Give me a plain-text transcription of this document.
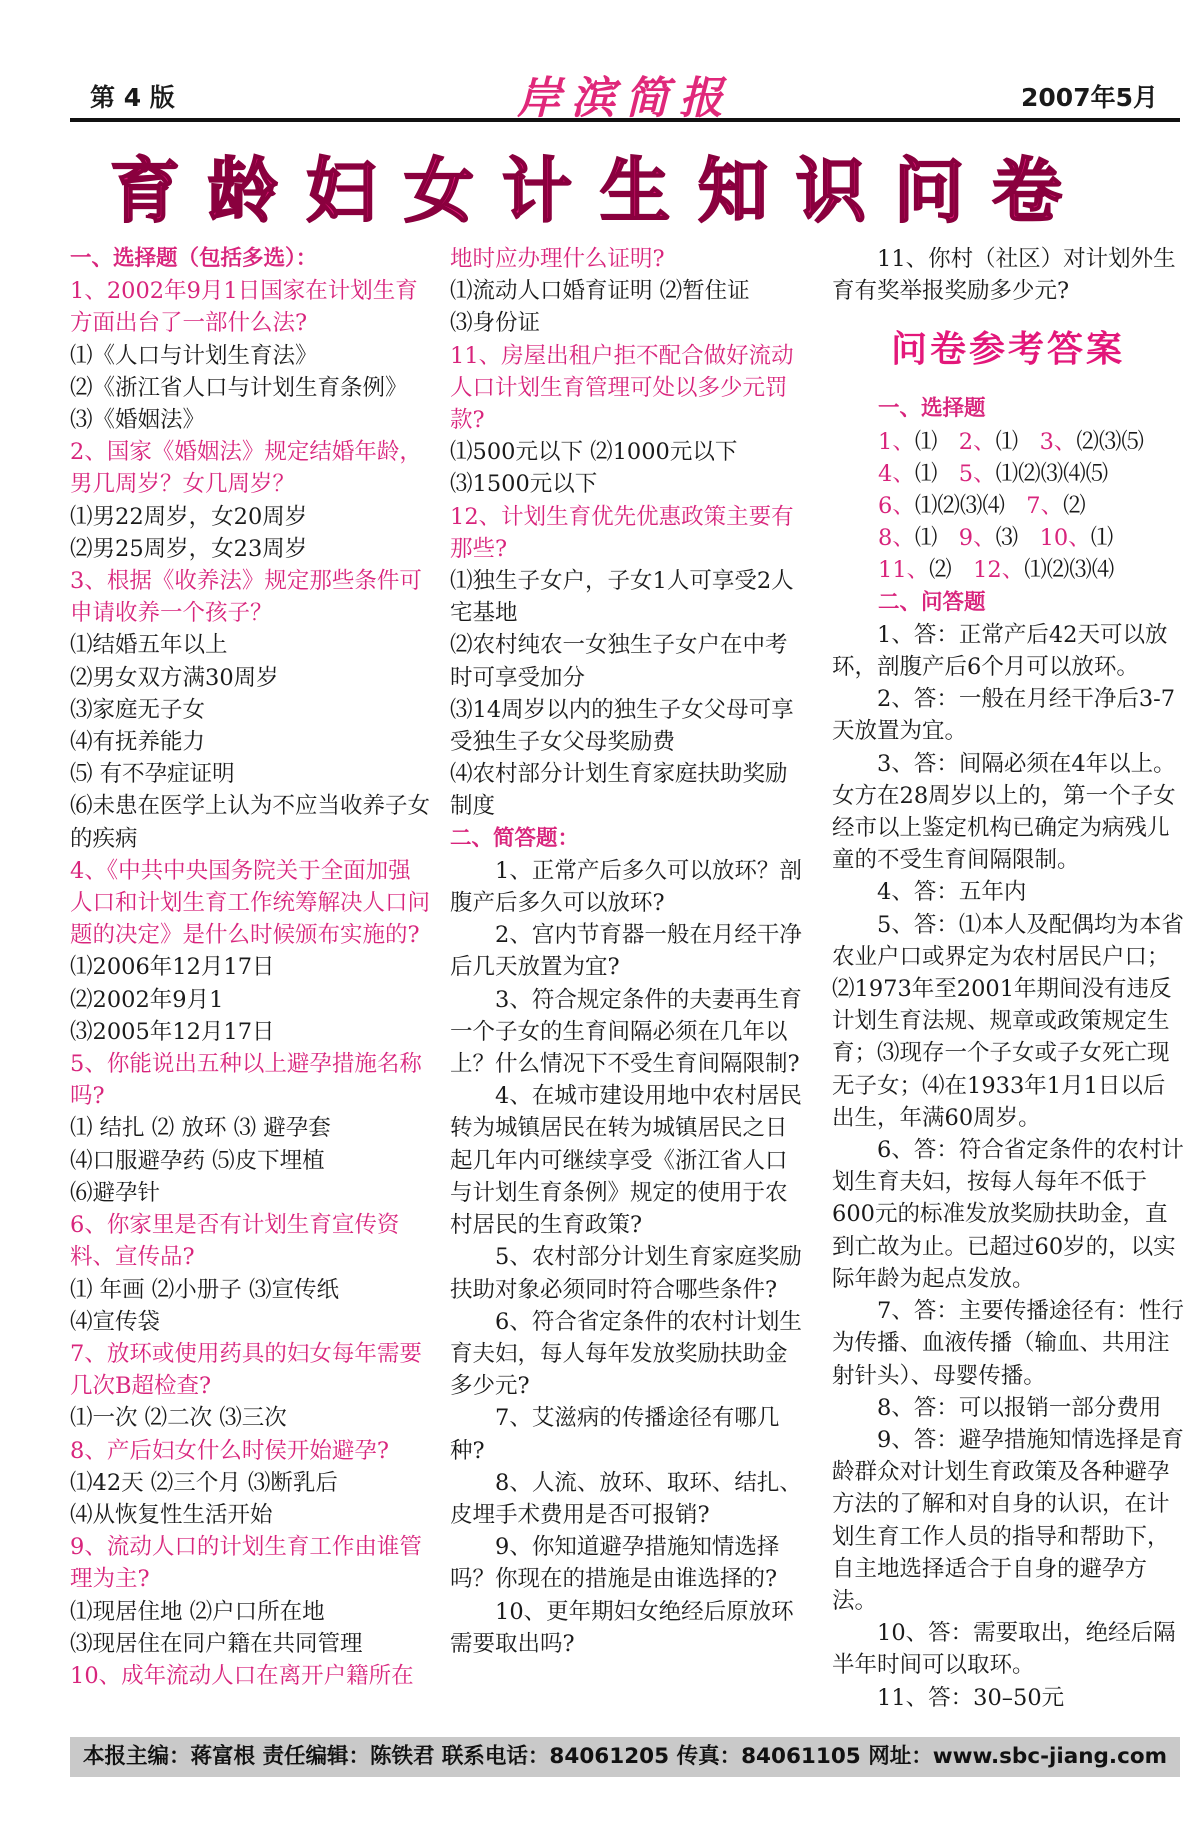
第 4 版	岸滨简报	2007年5月
育龄妇女计生知识问卷
一、选择题（包括多选）：
1、2002年9月1日国家在计划生育方面出台了一部什么法?
⑴《人口与计划生育法》
⑵《浙江省人口与计划生育条例》
⑶《婚姻法》
2、国家《婚姻法》规定结婚年龄，男几周岁？女几周岁？
⑴男22周岁，女20周岁
⑵男25周岁，女23周岁
3、根据《收养法》规定那些条件可申请收养一个孩子？
⑴结婚五年以上
⑵男女双方满30周岁
⑶家庭无子女
⑷有抚养能力
⑸ 有不孕症证明
⑹未患在医学上认为不应当收养子女的疾病
4、《中共中央国务院关于全面加强人口和计划生育工作统筹解决人口问题的决定》是什么时候颁布实施的?
⑴2006年12月17日
⑵2002年9月1
⑶2005年12月17日
5、你能说出五种以上避孕措施名称吗?
⑴ 结扎 ⑵ 放环 ⑶ 避孕套
⑷口服避孕药 ⑸皮下埋植
⑹避孕针
6、你家里是否有计划生育宣传资料、宣传品?
⑴ 年画 ⑵小册子 ⑶宣传纸
⑷宣传袋
7、放环或使用药具的妇女每年需要几次B超检查?
⑴一次 ⑵二次 ⑶三次
8、产后妇女什么时侯开始避孕?
⑴42天 ⑵三个月 ⑶断乳后
⑷从恢复性生活开始
9、流动人口的计划生育工作由谁管理为主?
⑴现居住地 ⑵户口所在地
⑶现居住在同户籍在共同管理
10、成年流动人口在离开户籍所在
地时应办理什么证明?
⑴流动人口婚育证明 ⑵暂住证
⑶身份证
11、房屋出租户拒不配合做好流动人口计划生育管理可处以多少元罚款?
⑴500元以下 ⑵1000元以下
⑶1500元以下
12、计划生育优先优惠政策主要有那些?
⑴独生子女户，子女1人可享受2人宅基地
⑵农村纯农一女独生子女户在中考时可享受加分
⑶14周岁以内的独生子女父母可享受独生子女父母奖励费
⑷农村部分计划生育家庭扶助奖励制度
二、简答题：
1、正常产后多久可以放环？剖腹产后多久可以放环?
2、宫内节育器一般在月经干净后几天放置为宜?
3、符合规定条件的夫妻再生育一个子女的生育间隔必须在几年以上？什么情况下不受生育间隔限制?
4、在城市建设用地中农村居民转为城镇居民在转为城镇居民之日起几年内可继续享受《浙江省人口与计划生育条例》规定的使用于农村居民的生育政策?
5、农村部分计划生育家庭奖励扶助对象必须同时符合哪些条件?
6、符合省定条件的农村计划生育夫妇，每人每年发放奖励扶助金多少元?
7、艾滋病的传播途径有哪几种?
8、人流、放环、取环、结扎、皮埋手术费用是否可报销?
9、你知道避孕措施知情选择吗？你现在的措施是由谁选择的?
10、更年期妇女绝经后原放环需要取出吗?
11、你村（社区）对计划外生育有奖举报奖励多少元?
问卷参考答案
一、选择题
1、⑴   2、⑴   3、⑵⑶⑸
4、⑴   5、⑴⑵⑶⑷⑸
6、⑴⑵⑶⑷   7、⑵
8、⑴   9、⑶   10、⑴
11、⑵   12、⑴⑵⑶⑷
二、问答题
1、答：正常产后42天可以放环，剖腹产后6个月可以放环。
2、答：一般在月经干净后3-7天放置为宜。
3、答：间隔必须在4年以上。女方在28周岁以上的，第一个子女经市以上鉴定机构已确定为病残儿童的不受生育间隔限制。
4、答：五年内
5、答：⑴本人及配偶均为本省农业户口或界定为农村居民户口；⑵1973年至2001年期间没有违反计划生育法规、规章或政策规定生育；⑶现存一个子女或子女死亡现无子女；⑷在1933年1月1日以后出生，年满60周岁。
6、答：符合省定条件的农村计划生育夫妇，按每人每年不低于600元的标准发放奖励扶助金，直到亡故为止。已超过60岁的，以实际年龄为起点发放。
7、答：主要传播途径有：性行为传播、血液传播（输血、共用注射针头）、母婴传播。
8、答：可以报销一部分费用
9、答：避孕措施知情选择是育龄群众对计划生育政策及各种避孕方法的了解和对自身的认识，在计划生育工作人员的指导和帮助下，自主地选择适合于自身的避孕方法。
10、答：需要取出，绝经后隔半年时间可以取环。
11、答：30–50元
本报主编：蒋富根 责任编辑：陈铁君 联系电话：84061205 传真：84061105 网址：www.sbc-jiang.com
